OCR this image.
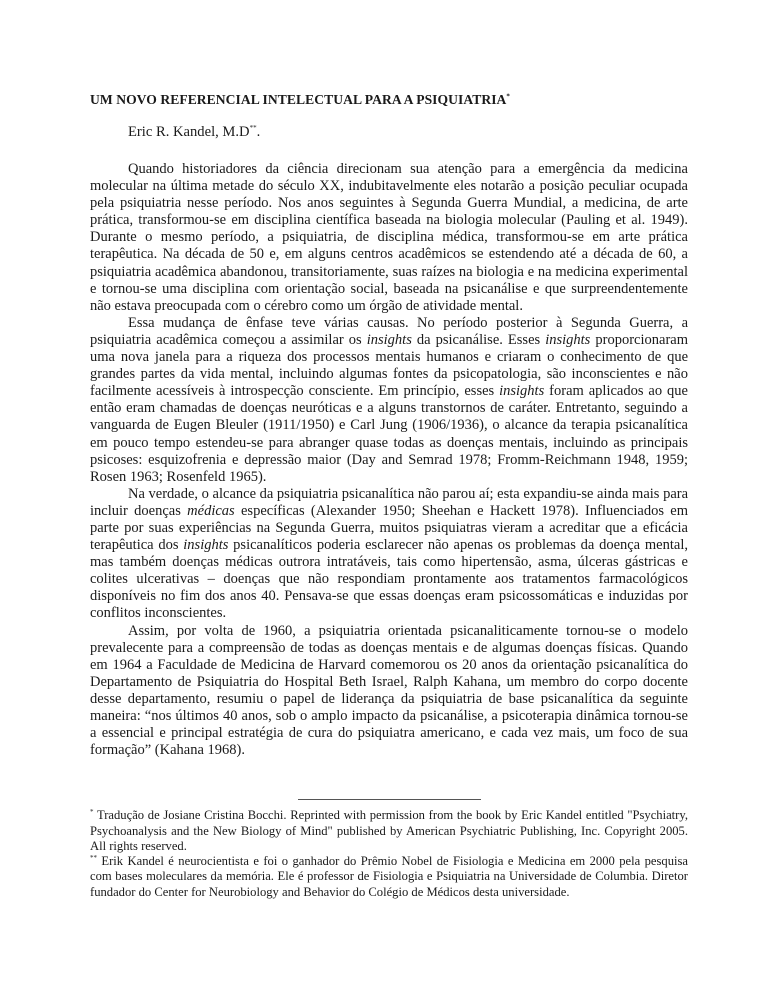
UM NOVO REFERENCIAL INTELECTUAL PARA A PSIQUIATRIA*
Eric R. Kandel, M.D**.

Quando historiadores da ciência direcionam sua atenção para a emergência da medicina molecular na última metade do século XX, indubitavelmente eles notarão a posição peculiar ocupada pela psiquiatria nesse período. Nos anos seguintes à Segunda Guerra Mundial, a medicina, de arte prática, transformou-se em disciplina científica baseada na biologia molecular (Pauling et al. 1949). Durante o mesmo período, a psiquiatria, de disciplina médica, transformou-se em arte prática terapêutica. Na década de 50 e, em alguns centros acadêmicos se estendendo até a década de 60, a psiquiatria acadêmica abandonou, transitoriamente, suas raízes na biologia e na medicina experimental e tornou-se uma disciplina com orientação social, baseada na psicanálise e que surpreendentemente não estava preocupada com o cérebro como um órgão de atividade mental.

Essa mudança de ênfase teve várias causas. No período posterior à Segunda Guerra, a psiquiatria acadêmica começou a assimilar os insights da psicanálise. Esses insights proporcionaram uma nova janela para a riqueza dos processos mentais humanos e criaram o conhecimento de que grandes partes da vida mental, incluindo algumas fontes da psicopatologia, são inconscientes e não facilmente acessíveis à introspecção consciente. Em princípio, esses insights foram aplicados ao que então eram chamadas de doenças neuróticas e a alguns transtornos de caráter. Entretanto, seguindo a vanguarda de Eugen Bleuler (1911/1950) e Carl Jung (1906/1936), o alcance da terapia psicanalítica em pouco tempo estendeu-se para abranger quase todas as doenças mentais, incluindo as principais psicoses: esquizofrenia e depressão maior (Day and Semrad 1978; Fromm-Reichmann 1948, 1959; Rosen 1963; Rosenfeld 1965).

Na verdade, o alcance da psiquiatria psicanalítica não parou aí; esta expandiu-se ainda mais para incluir doenças médicas específicas (Alexander 1950; Sheehan e Hackett 1978). Influenciados em parte por suas experiências na Segunda Guerra, muitos psiquiatras vieram a acreditar que a eficácia terapêutica dos insights psicanalíticos poderia esclarecer não apenas os problemas da doença mental, mas também doenças médicas outrora intratáveis, tais como hipertensão, asma, úlceras gástricas e colites ulcerativas – doenças que não respondiam prontamente aos tratamentos farmacológicos disponíveis no fim dos anos 40. Pensava-se que essas doenças eram psicossomáticas e induzidas por conflitos inconscientes.

Assim, por volta de 1960, a psiquiatria orientada psicanaliticamente tornou-se o modelo prevalecente para a compreensão de todas as doenças mentais e de algumas doenças físicas. Quando em 1964 a Faculdade de Medicina de Harvard comemorou os 20 anos da orientação psicanalítica do Departamento de Psiquiatria do Hospital Beth Israel, Ralph Kahana, um membro do corpo docente desse departamento, resumiu o papel de liderança da psiquiatria de base psicanalítica da seguinte maneira: “nos últimos 40 anos, sob o amplo impacto da psicanálise, a psicoterapia dinâmica tornou-se a essencial e principal estratégia de cura do psiquiatra americano, e cada vez mais, um foco de sua formação” (Kahana 1968).

* Tradução de Josiane Cristina Bocchi. Reprinted with permission from the book by Eric Kandel entitled "Psychiatry, Psychoanalysis and the New Biology of Mind" published by American Psychiatric Publishing, Inc. Copyright 2005. All rights reserved.

** Erik Kandel é neurocientista e foi o ganhador do Prêmio Nobel de Fisiologia e Medicina em 2000 pela pesquisa com bases moleculares da memória. Ele é professor de Fisiologia e Psiquiatria na Universidade de Columbia. Diretor fundador do Center for Neurobiology and Behavior do Colégio de Médicos desta universidade.
